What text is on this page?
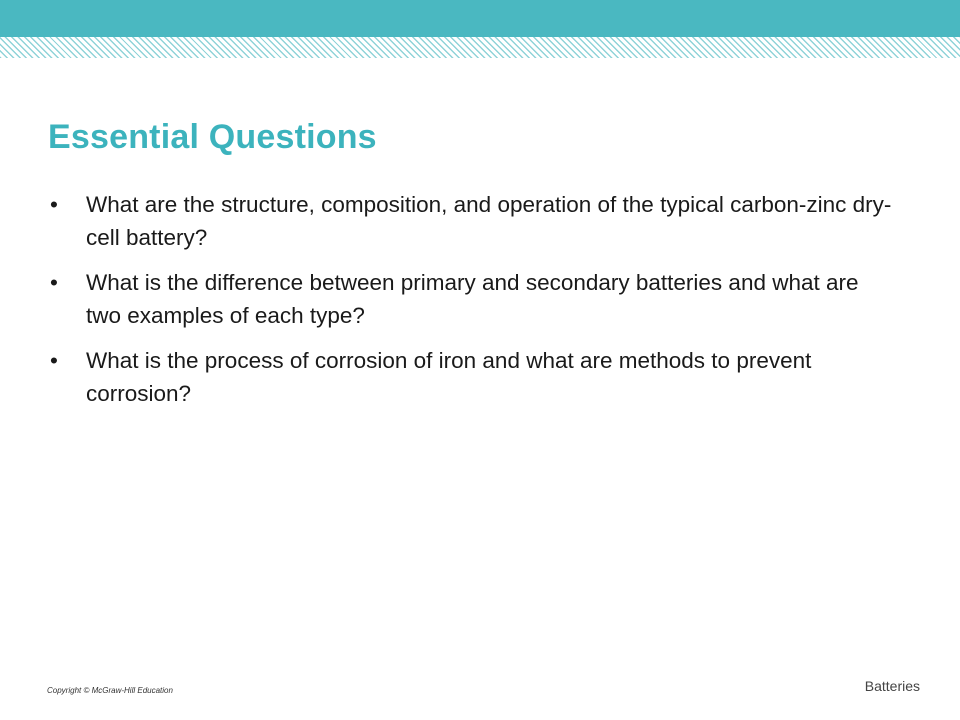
Essential Questions
• What are the structure, composition, and operation of the typical carbon-zinc dry-cell battery?
• What is the difference between primary and secondary batteries and what are two examples of each type?
• What is the process of corrosion of iron and what are methods to prevent corrosion?
Copyright © McGraw-Hill Education	Batteries
